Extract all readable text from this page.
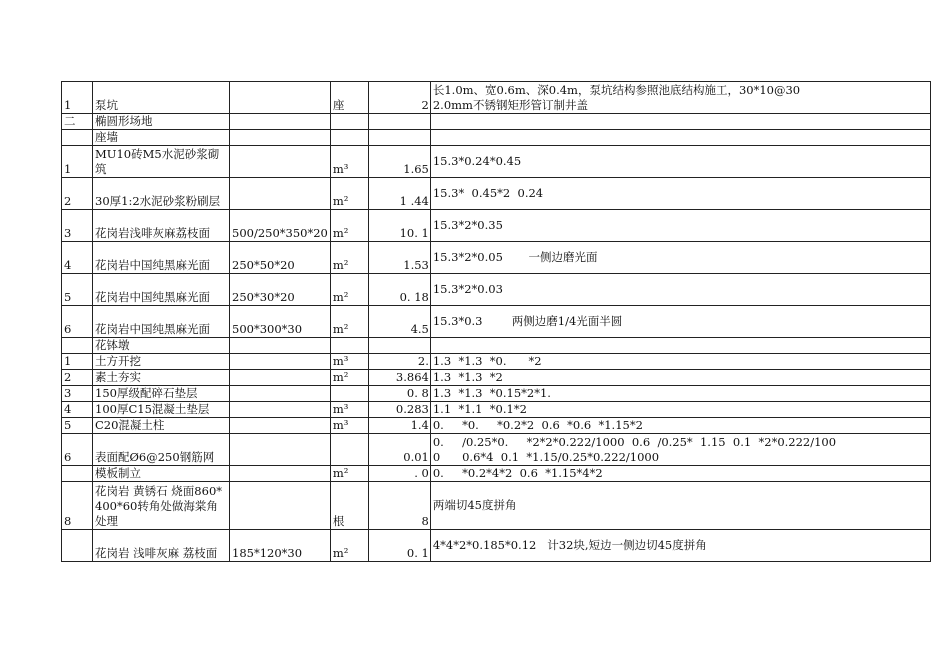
1	泵坑		座	2	长1.0m、宽0.6m、深0.4m，泵坑结构参照池底结构施工，30*10@30
2.0mm不锈钢矩形管订制井盖
二	椭圆形场地				
	座墙				
1	MU10砖M5水泥砂浆砌筑		m³	1.65	15.3*0.24*0.45
2	30厚1:2水泥砂浆粉刷层		m²	1 .44	15.3*  0.45*2  0.24
3	花岗岩浅啡灰麻荔枝面	500/250*350*20	m²	10. 1	15.3*2*0.35
4	花岗岩中国纯黑麻光面	250*50*20	m²	1.53	15.3*2*0.05       一侧边磨光面
5	花岗岩中国纯黑麻光面	250*30*20	m²	0. 18	15.3*2*0.03
6	花岗岩中国纯黑麻光面	500*300*30	m²	4.5	15.3*0.3        两侧边磨1/4光面半圆
	花钵墩				
1	土方开挖		m³	2.	1.3  *1.3  *0.      *2
2	素土夯实		m²	3.864	1.3  *1.3  *2
3	150厚级配碎石垫层			0. 8	1.3  *1.3  *0.15*2*1.
4	100厚C15混凝土垫层		m³	0.283	1.1  *1.1  *0.1*2
5	C20混凝土柱		m³	1.4	0.     *0.     *0.2*2  0.6  *0.6  *1.15*2
6	表面配Ø6@250钢筋网			0.01	0.     /0.25*0.     *2*2*0.222/1000  0.6  /0.25*  1.15  0.1  *2*0.222/100
0      0.6*4  0.1  *1.15/0.25*0.222/1000
	模板制立		m²	. 0	0.     *0.2*4*2  0.6  *1.15*4*2
8	花岗岩 黄锈石 烧面860*400*60转角处做海棠角处理		根	8	两端切45度拼角
	花岗岩 浅啡灰麻 荔枝面	185*120*30	m²	0. 1	4*4*2*0.185*0.12   计32块,短边一侧边切45度拼角
